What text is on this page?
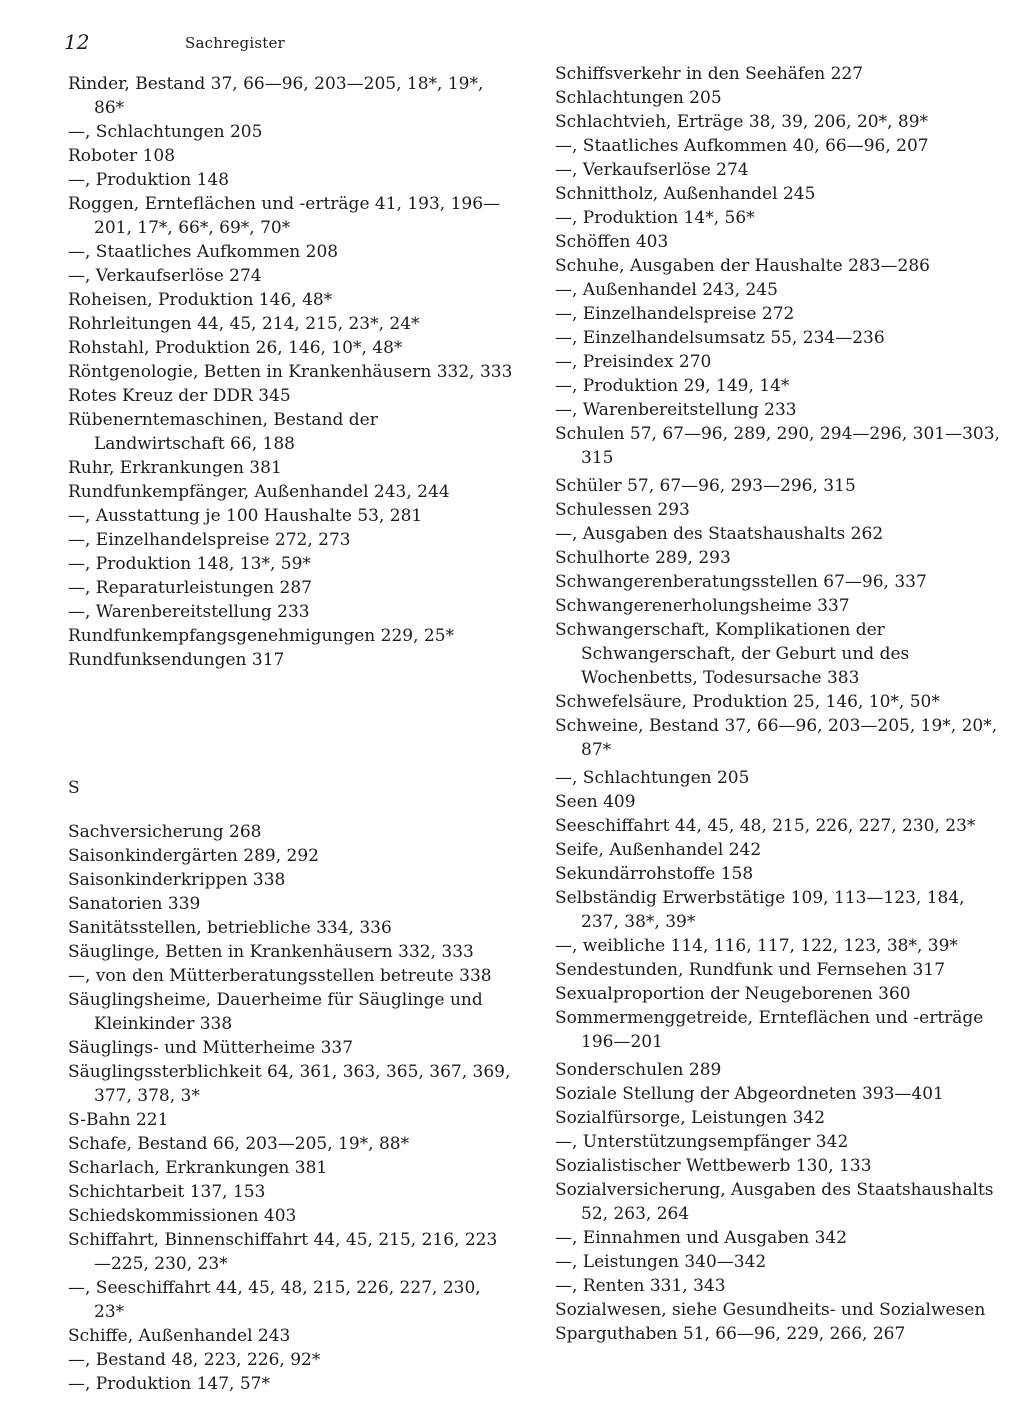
12	Sachregister

Rinder, Bestand 37, 66—96, 203—205, 18*, 19*, 86*

—, Schlachtungen 205

Roboter 108

—, Produktion 148

Roggen, Ernteflächen und -erträge 41, 193, 196—201, 17*, 66*, 69*, 70*

—, Staatliches Aufkommen 208

—, Verkaufserlöse 274

Roheisen, Produktion 146, 48*

Rohrleitungen 44, 45, 214, 215, 23*, 24*

Rohstahl, Produktion 26, 146, 10*, 48*

Röntgenologie, Betten in Krankenhäusern 332, 333

Rotes Kreuz der DDR 345

Rübenerntemaschinen, Bestand der Landwirtschaft 66, 188

Ruhr, Erkrankungen 381

Rundfunkempfänger, Außenhandel 243, 244

—, Ausstattung je 100 Haushalte 53, 281

—, Einzelhandelspreise 272, 273

—, Produktion 148, 13*, 59*

—, Reparaturleistungen 287

—, Warenbereitstellung 233

Rundfunkempfangsgenehmigungen 229, 25*

Rundfunksendungen 317

S

Sachversicherung 268

Saisonkindergärten 289, 292

Saisonkinderkrippen 338

Sanatorien 339

Sanitätsstellen, betriebliche 334, 336

Säuglinge, Betten in Krankenhäusern 332, 333

—, von den Mütterberatungsstellen betreute 338

Säuglingsheime, Dauerheime für Säuglinge und Kleinkinder 338

Säuglings- und Mütterheime 337

Säuglingssterblichkeit 64, 361, 363, 365, 367, 369, 377, 378, 3*

S-Bahn 221

Schafe, Bestand 66, 203—205, 19*, 88*

Scharlach, Erkrankungen 381

Schichtarbeit 137, 153

Schiedskommissionen 403

Schiffahrt, Binnenschiffahrt 44, 45, 215, 216, 223—225, 230, 23*

—, Seeschiffahrt 44, 45, 48, 215, 226, 227, 230, 23*

Schiffe, Außenhandel 243

—, Bestand 48, 223, 226, 92*

—, Produktion 147, 57*

Schiffsverkehr in den Seehäfen 227

Schlachtungen 205

Schlachtvieh, Erträge 38, 39, 206, 20*, 89*

—, Staatliches Aufkommen 40, 66—96, 207

—, Verkaufserlöse 274

Schnittholz, Außenhandel 245

—, Produktion 14*, 56*

Schöffen 403

Schuhe, Ausgaben der Haushalte 283—286

—, Außenhandel 243, 245

—, Einzelhandelspreise 272

—, Einzelhandelsumsatz 55, 234—236

—, Preisindex 270

—, Produktion 29, 149, 14*

—, Warenbereitstellung 233

Schulen 57, 67—96, 289, 290, 294—296, 301—303, 315

Schüler 57, 67—96, 293—296, 315

Schulessen 293

—, Ausgaben des Staatshaushalts 262

Schulhorte 289, 293

Schwangerenberatungsstellen 67—96, 337

Schwangerenerholungsheime 337

Schwangerschaft, Komplikationen der Schwangerschaft, der Geburt und des Wochenbetts, Todesursache 383

Schwefelsäure, Produktion 25, 146, 10*, 50*

Schweine, Bestand 37, 66—96, 203—205, 19*, 20*, 87*

—, Schlachtungen 205

Seen 409

Seeschiffahrt 44, 45, 48, 215, 226, 227, 230, 23*

Seife, Außenhandel 242

Sekundärrohstoffe 158

Selbständig Erwerbstätige 109, 113—123, 184, 237, 38*, 39*

—, weibliche 114, 116, 117, 122, 123, 38*, 39*

Sendestunden, Rundfunk und Fernsehen 317

Sexualproportion der Neugeborenen 360

Sommermenggetreide, Ernteflächen und -erträge 196—201

Sonderschulen 289

Soziale Stellung der Abgeordneten 393—401

Sozialfürsorge, Leistungen 342

—, Unterstützungsempfänger 342

Sozialistischer Wettbewerb 130, 133

Sozialversicherung, Ausgaben des Staatshaushalts 52, 263, 264

—, Einnahmen und Ausgaben 342

—, Leistungen 340—342

—, Renten 331, 343

Sozialwesen, siehe Gesundheits- und Sozialwesen

Sparguthaben 51, 66—96, 229, 266, 267
